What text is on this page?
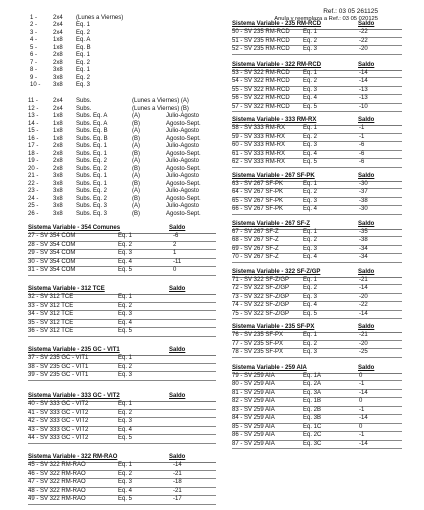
Ref.: 03 05 261125
Anula y reemplaza a Ref.: 03 05 020125
1 -	2x4 (Lunes a Viernes)
2 -	2x4 Eq. 1
3 -	2x4 Eq. 2
4 -	1x8 Eq. A
5 -	1x8 Eq. B
6 -	2x8 Eq. 1
7 -	2x8 Eq. 2
8 -	3x8 Eq. 1
9 -	3x8 Eq. 2
10 - 3x8 Eq. 3
11 -	2x4 Subs.	(Lunes a Viernes) (A)
12 - 2x4 Subs.	(Lunes a Viernes) (B)
13 - 1x8 Subs. Eq. A	(A)	Julio-Agosto
14 - 1x8 Subs. Eq. A	(B)	Agosto-Sept.
15 - 1x8 Subs. Eq. B	(A)	Julio-Agosto
16 - 1x8 Subs. Eq. B	(B)	Agosto-Sept.
17 - 2x8 Subs. Eq. 1	(A)	Julio-Agosto
18 - 2x8 Subs. Eq. 1	(B)	Agosto-Sept.
19 - 2x8 Subs. Eq. 2	(A)	Julio-Agosto
20 - 2x8 Subs. Eq. 2	(B)	Agosto-Sept.
21 - 3x8 Subs. Eq. 1	(A)	Julio-Agosto
22 - 3x8 Subs. Eq. 1	(B)	Agosto-Sept.
23 - 3x8 Subs. Eq. 2	(A)	Julio-Agosto
24 - 3x8 Subs. Eq. 2	(B)	Agosto-Sept.
25 - 3x8 Subs. Eq. 3	(A)	Julio-Agosto
26 - 3x8 Subs. Eq. 3	(B)	Agosto-Sept.
Sistema Variable - 354 Comunes	Saldo
27 - SV 354 COM	Eq. 1	-6
28 - SV 354 COM	Eq. 2	2
29 - SV 354 COM	Eq. 3	1
30 - SV 354 COM	Eq. 4	-11
31 - SV 354 COM	Eq. 5	0
Sistema Variable - 312 TCE	Saldo
32 - SV 312 TCE	Eq. 1
33 - SV 312 TCE	Eq. 2
34 - SV 312 TCE	Eq. 3
35 - SV 312 TCE	Eq. 4
36 - SV 312 TCE	Eq. 5
Sistema Variable - 235 GC - VIT1	Saldo
37 - SV 235 GC - VIT1	Eq. 1
38 - SV 235 GC - VIT1	Eq. 2
39 - SV 235 GC - VIT1	Eq. 3
Sistema Variable - 333 GC - VIT2	Saldo
40 - SV 333 GC - VIT2	Eq. 1
41 - SV 333 GC - VIT2	Eq. 2
42 - SV 333 GC - VIT2	Eq. 3
43 - SV 333 GC - VIT2	Eq. 4
44 - SV 333 GC - VIT2	Eq. 5
Sistema Variable - 322 RM-RAO	Saldo
45 - SV 322 RM-RAO	Eq. 1	-14
46 - SV 322 RM-RAO	Eq. 2	-21
47 - SV 322 RM-RAO	Eq. 3	-18
48 - SV 322 RM-RAO	Eq. 4	-21
49 - SV 322 RM-RAO	Eq. 5	-17
Sistema Variable - 235 RM-RCD	Saldo
50 - SV 235 RM-RCD Eq. 1	-22
51 - SV 235 RM-RCD Eq. 2	-22
52 - SV 235 RM-RCD Eq. 3	-20
Sistema Variable - 322 RM-RCD	Saldo
53 - SV 322 RM-RCD Eq. 1	-14
54 - SV 322 RM-RCD Eq. 2	-14
55 - SV 322 RM-RCD Eq. 3	-13
56 - SV 322 RM-RCD Eq. 4	-13
57 - SV 322 RM-RCD Eq. 5	-10
Sistema Variable - 333 RM-RX	Saldo
58 - SV 333 RM-RX	Eq. 1	-1
59 - SV 333 RM-RX	Eq. 2	-1
60 - SV 333 RM-RX	Eq. 3	-6
61 - SV 333 RM-RX	Eq. 4	-6
62 - SV 333 RM-RX	Eq. 5	-6
Sistema Variable - 267 SF-PK	Saldo
63 - SV 267 SF-PK	Eq. 1	-30
64 - SV 267 SF-PK	Eq. 2	-37
65 - SV 267 SF-PK	Eq. 3	-38
66 - SV 267 SF-PK	Eq. 4	-30
Sistema Variable - 267 SF-Z	Saldo
67 - SV 267 SF-Z	Eq. 1	-35
68 - SV 267 SF-Z	Eq. 2	-38
69 - SV 267 SF-Z	Eq. 3	-34
70 - SV 267 SF-Z	Eq. 4	-34
Sistema Variable - 322 SF-Z/GP	Saldo
71 - SV 322 SF-Z/GP Eq. 1	-21
72 - SV 322 SF-Z/GP Eq. 2	-14
73 - SV 322 SF-Z/GP Eq. 3	-20
74 - SV 322 SF-Z/GP Eq. 4	-22
75 - SV 322 SF-Z/GP Eq. 5	-14
Sistema Variable - 235 SF-PX	Saldo
76 - SV 235 SF-PX	Eq. 1	-21
77 - SV 235 SF-PX	Eq. 2	-20
78 - SV 235 SF-PX	Eq. 3	-25
Sistema Variable - 259 AIA	Saldo
79 - SV 259 AIA	Eq. 1A	0
80 - SV 259 AIA	Eq. 2A	-1
81 - SV 259 AIA	Eq. 3A	-14
82 - SV 259 AIA	Eq. 1B	0
83 - SV 259 AIA	Eq. 2B	-1
84 - SV 259 AIA	Eq. 3B	-14
85 - SV 259 AIA	Eq. 1C	0
86 - SV 259 AIA	Eq. 2C	-1
87 - SV 259 AIA	Eq. 3C	-14
